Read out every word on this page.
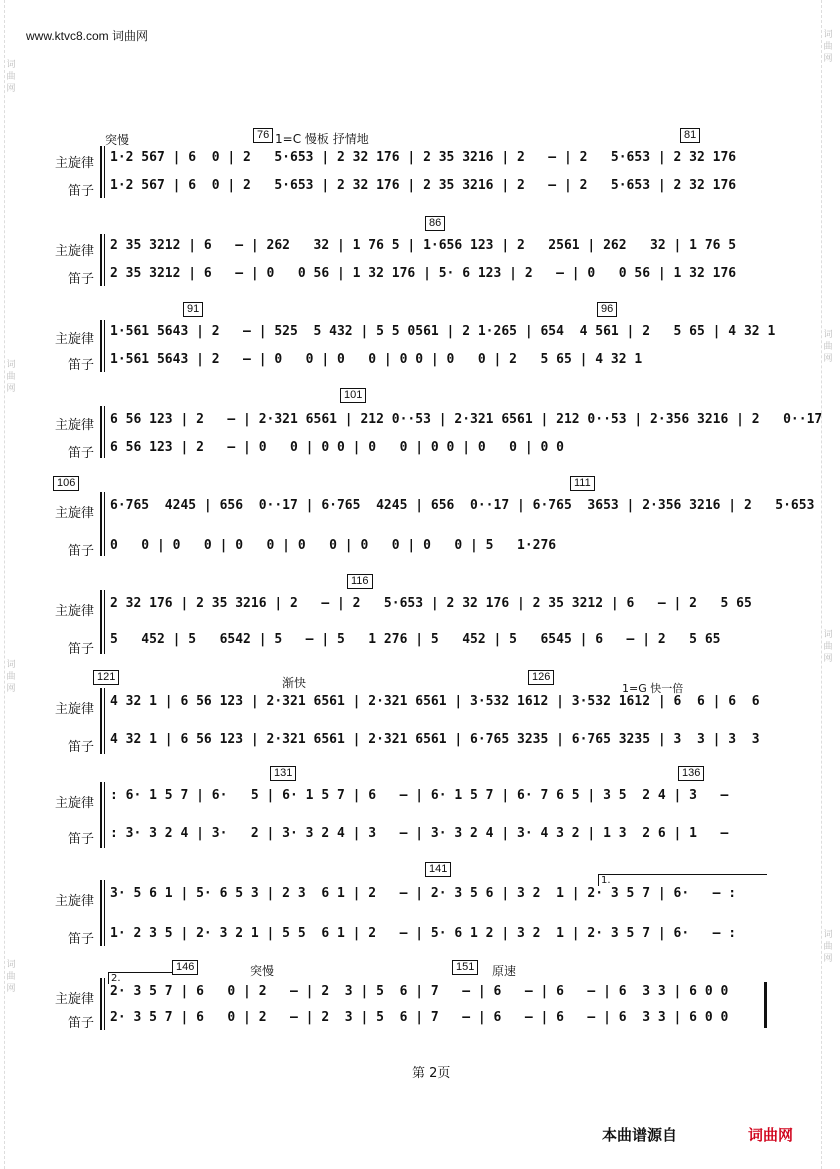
www.ktvc8.com 词曲网
词
曲
网
词
曲
网
词
曲
网
词
曲
网
词
曲
网
词
曲
网
词
曲
网
词
曲
网
突慢	76 1=C 慢板 抒情地	81
主旋律
笛子
1·2 567 | 6  0 | 2   5·653 | 2 32 176 | 2 35 3216 | 2   — | 2   5·653 | 2 32 176
1·2 567 | 6  0 | 2   5·653 | 2 32 176 | 2 35 3216 | 2   — | 2   5·653 | 2 32 176
86
主旋律
笛子
2 35 3212 | 6   — | 262   32 | 1 76 5 | 1·656 123 | 2   2561 | 262   32 | 1 76 5
2 35 3212 | 6   — | 0   0 56 | 1 32 176 | 5· 6 123 | 2   — | 0   0 56 | 1 32 176
91	96
主旋律
笛子
1·561 5643 | 2   — | 525  5 432 | 5 5 0561 | 2 1·265 | 654  4 561 | 2   5 65 | 4 32 1
1·561 5643 | 2   — | 0   0 | 0   0 | 0 0 | 0   0 | 2   5 65 | 4 32 1
101
主旋律
笛子
6 56 123 | 2   — | 2·321 6561 | 212 0··53 | 2·321 6561 | 212 0··53 | 2·356 3216 | 2   0··17
6 56 123 | 2   — | 0   0 | 0 0 | 0   0 | 0 0 | 0   0 | 0 0
106	111
主旋律
笛子
6·765  4245 | 656  0··17 | 6·765  4245 | 656  0··17 | 6·765  3653 | 2·356 3216 | 2   5·653
0   0 | 0   0 | 0   0 | 0   0 | 0   0 | 0   0 | 5   1·276
116
主旋律
笛子
2 32 176 | 2 35 3216 | 2   — | 2   5·653 | 2 32 176 | 2 35 3212 | 6   — | 2   5 65
5   452 | 5   6542 | 5   — | 5   1 276 | 5   452 | 5   6545 | 6   — | 2   5 65
121	渐快	126
1=G 快一倍
主旋律
笛子
4 32 1 | 6 56 123 | 2·321 6561 | 2·321 6561 | 3·532 1612 | 3·532 1612 | 6  6 | 6  6
4 32 1 | 6 56 123 | 2·321 6561 | 2·321 6561 | 6·765 3235 | 6·765 3235 | 3  3 | 3  3
131	136
主旋律
笛子
: 6· 1 5 7 | 6·   5 | 6· 1 5 7 | 6   — | 6· 1 5 7 | 6· 7 6 5 | 3 5  2 4 | 3   —
: 3· 3 2 4 | 3·   2 | 3· 3 2 4 | 3   — | 3· 3 2 4 | 3· 4 3 2 | 1 3  2 6 | 1   —
141
1.
主旋律
笛子
3· 5 6 1 | 5· 6 5 3 | 2 3  6 1 | 2   — | 2· 3 5 6 | 3 2  1 | 2· 3 5 7 | 6·   — :
1· 2 3 5 | 2· 3 2 1 | 5 5  6 1 | 2   — | 5· 6 1 2 | 3 2  1 | 2· 3 5 7 | 6·   — :
2.
146	突慢	151	原速
主旋律
笛子
2· 3 5 7 | 6   0 | 2   — | 2  3 | 5  6 | 7   — | 6   — | 6   — | 6  3 3 | 6 0 0
2· 3 5 7 | 6   0 | 2   — | 2  3 | 5  6 | 7   — | 6   — | 6   — | 6  3 3 | 6 0 0
第 2页
本曲谱源自	词曲网
